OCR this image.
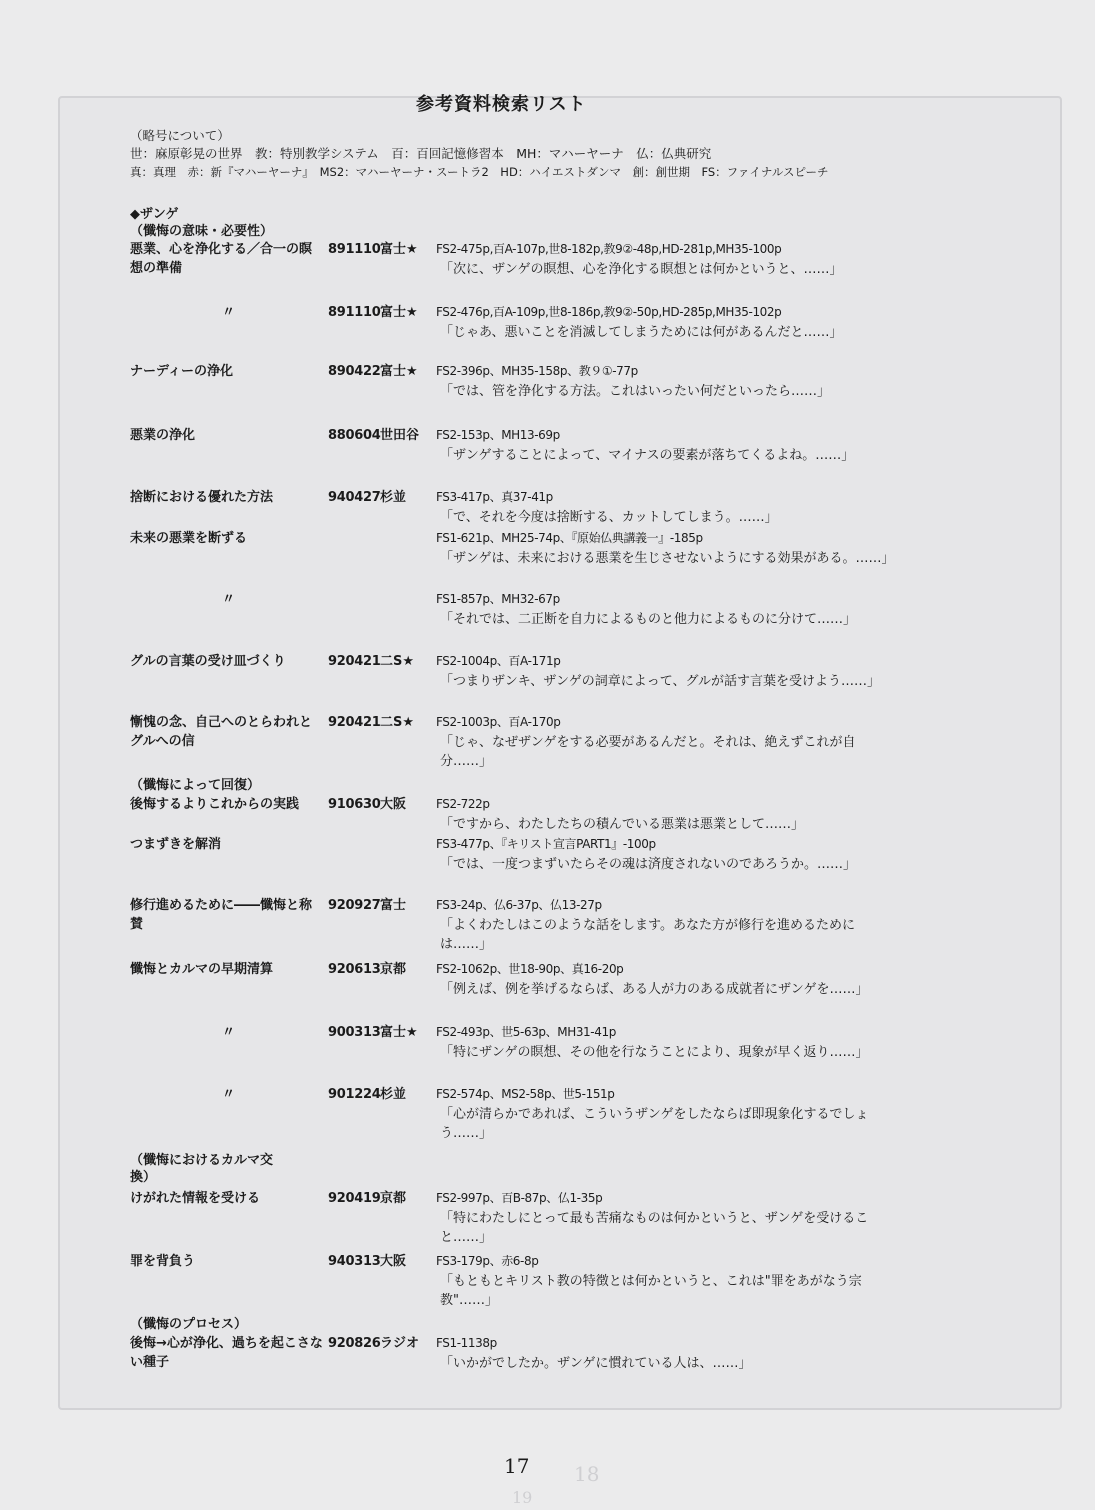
18
19
参考資料検索リスト
（略号について）
世：麻原彰晃の世界　教：特別教学システム　百：百回記憶修習本　MH：マハーヤーナ　仏：仏典研究
真：真理　赤：新『マハーヤーナ』　MS2：マハーヤーナ・スートラ2　HD：ハイエストダンマ　創：創世期　FS：ファイナルスピーチ
◆ザンゲ
（懺悔の意味・必要性）
悪業、心を浄化する／合一の瞑想の準備
891110 富士★ FS2-475p,百A-107p,世8-182p,教9②-48p,HD-281p,MH35-100p
「次に、ザンゲの瞑想、心を浄化する瞑想とは何かというと、……」
〃	891110 富士★ FS2-476p,百A-109p,世8-186p,教9②-50p,HD-285p,MH35-102p
「じゃあ、悪いことを消滅してしまうためには何があるんだと……」
ナーディーの浄化	890422 富士★ FS2-396p、MH35-158p、教９①-77p
「では、管を浄化する方法。これはいったい何だといったら……」
悪業の浄化	880604 世田谷 FS2-153p、MH13-69p
「ザンゲすることによって、マイナスの要素が落ちてくるよね。……」
捨断における優れた方法	940427 杉並 FS3-417p、真37-41p
「で、それを今度は捨断する、カットしてしまう。……」
未来の悪業を断ずる	FS1-621p、MH25-74p、『原始仏典講義一』-185p
「ザンゲは、未来における悪業を生じさせないようにする効果がある。……」
〃	FS1-857p、MH32-67p
「それでは、二正断を自力によるものと他力によるものに分けて……」
グルの言葉の受け皿づくり	920421 二S★ FS2-1004p、百A-171p
「つまりザンキ、ザンゲの詞章によって、グルが話す言葉を受けよう……」
慚愧の念、自己へのとらわれとグルへの信
920421 二S★ FS2-1003p、百A-170p
「じゃ、なぜザンゲをする必要があるんだと。それは、絶えずこれが自分……」
（懺悔によって回復）
後悔するよりこれからの実践	910630 大阪 FS2-722p
「ですから、わたしたちの積んでいる悪業は悪業として……」
つまずきを解消	FS3-477p、『キリスト宣言PART1』-100p
「では、一度つまずいたらその魂は済度されないのであろうか。……」
修行進めるために――懺悔と称賛
920927 富士 FS3-24p、仏6-37p、仏13-27p
「よくわたしはこのような話をします。あなた方が修行を進めるためには……」
懺悔とカルマの早期清算	920613 京都 FS2-1062p、世18-90p、真16-20p
「例えば、例を挙げるならば、ある人が力のある成就者にザンゲを……」
〃	900313 富士★ FS2-493p、世5-63p、MH31-41p
「特にザンゲの瞑想、その他を行なうことにより、現象が早く返り……」
〃	901224 杉並 FS2-574p、MS2-58p、世5-151p
「心が清らかであれば、こういうザンゲをしたならば即現象化するでしょう……」
（懺悔におけるカルマ交
換）
けがれた情報を受ける	920419 京都 FS2-997p、百B-87p、仏1-35p
「特にわたしにとって最も苦痛なものは何かというと、ザンゲを受けること……」
罪を背負う	940313 大阪 FS3-179p、赤6-8p
「もともとキリスト教の特徴とは何かというと、これは"罪をあがなう宗教"……」
（懺悔のプロセス）
後悔→心が浄化、過ちを起こさない種子
920826 ラジオ FS1-1138p
「いかがでしたか。ザンゲに慣れている人は、……」
17
